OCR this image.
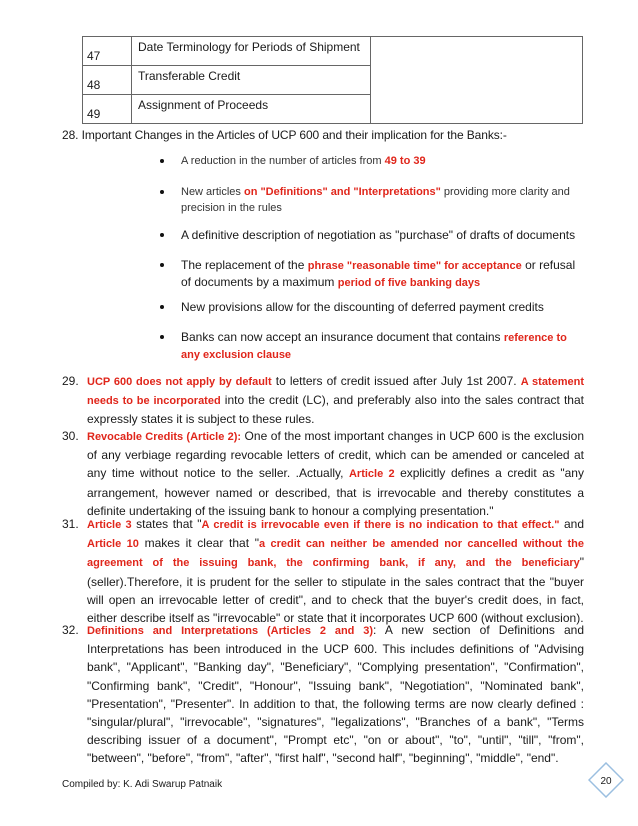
47	Date Terminology for Periods of Shipment	
48	Transferable Credit	
49	Assignment of Proceeds	
28. Important Changes in the Articles of UCP 600 and their implication for the Banks:-
A reduction in the number of articles from 49 to 39
New articles on "Definitions" and "Interpretations" providing more clarity and precision in the rules
A definitive description of negotiation as "purchase" of drafts of documents
The replacement of the phrase "reasonable time" for acceptance or refusal of documents by a maximum period of five banking days
New provisions allow for the discounting of deferred payment credits
Banks can now accept an insurance document that contains reference to any exclusion clause
29. UCP 600 does not apply by default to letters of credit issued after July 1st 2007. A statement needs to be incorporated into the credit (LC), and preferably also into the sales contract that expressly states it is subject to these rules.
30. Revocable Credits (Article 2): One of the most important changes in UCP 600 is the exclusion of any verbiage regarding revocable letters of credit, which can be amended or canceled at any time without notice to the seller. .Actually, Article 2 explicitly defines a credit as "any arrangement, however named or described, that is irrevocable and thereby constitutes a definite undertaking of the issuing bank to honour a complying presentation."
31. Article 3 states that "A credit is irrevocable even if there is no indication to that effect." and Article 10 makes it clear that "a credit can neither be amended nor cancelled without the agreement of the issuing bank, the confirming bank, if any, and the beneficiary" (seller).Therefore, it is prudent for the seller to stipulate in the sales contract that the "buyer will open an irrevocable letter of credit", and to check that the buyer's credit does, in fact, either describe itself as "irrevocable" or state that it incorporates UCP 600 (without exclusion).
32. Definitions and Interpretations (Articles 2 and 3): A new section of Definitions and Interpretations has been introduced in the UCP 600. This includes definitions of "Advising bank", "Applicant", "Banking day", "Beneficiary", "Complying presentation", "Confirmation", "Confirming bank", "Credit", "Honour", "Issuing bank", "Negotiation", "Nominated bank", "Presentation", "Presenter". In addition to that, the following terms are now clearly defined : "singular/plural", "irrevocable", "signatures", "legalizations", "Branches of a bank", "Terms describing issuer of a document", "Prompt etc", "on or about", "to", "until", "till", "from", "between", "before", "from", "after", "first half", "second half", "beginning", "middle", "end".
Compiled by: K. Adi Swarup Patnaik	20
